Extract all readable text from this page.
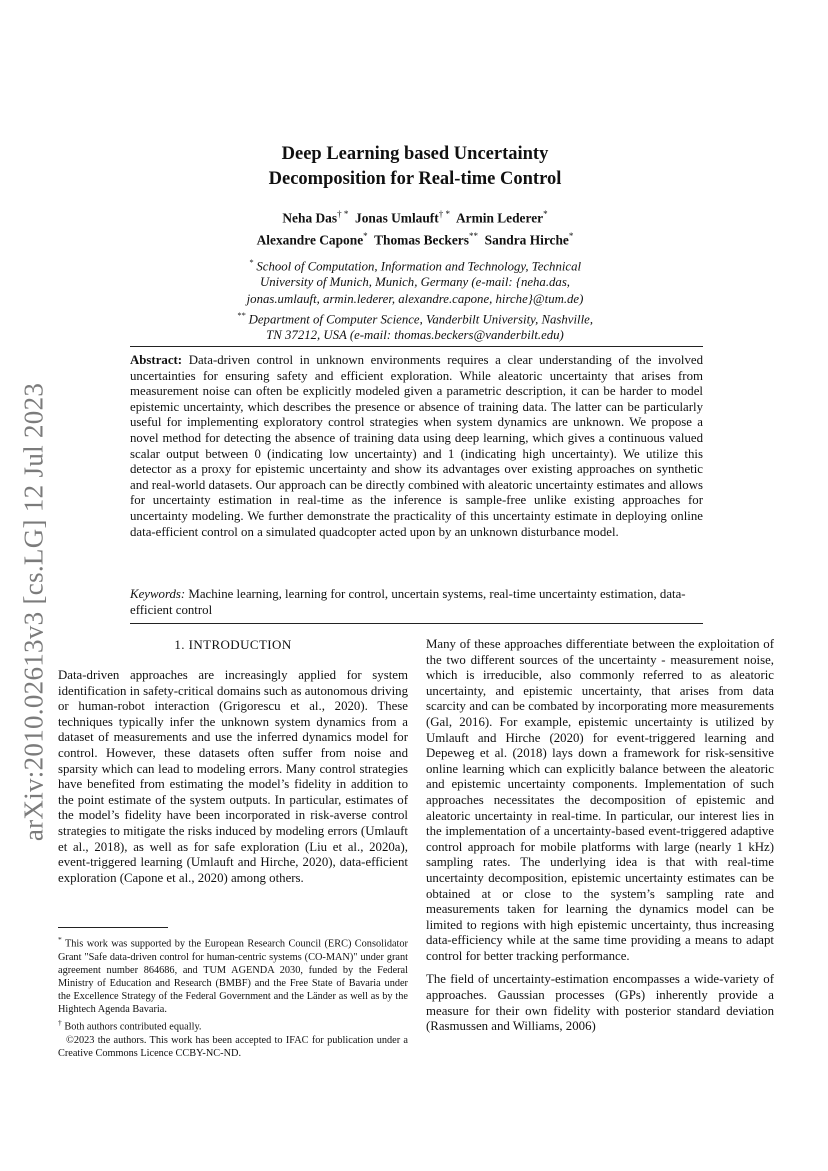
arXiv:2010.02613v3 [cs.LG] 12 Jul 2023
Deep Learning based Uncertainty
Decomposition for Real-time Control
Neha Das† * Jonas Umlauft† * Armin Lederer*
Alexandre Capone* Thomas Beckers** Sandra Hirche*
* School of Computation, Information and Technology, Technical
University of Munich, Munich, Germany (e-mail: {neha.das,
jonas.umlauft, armin.lederer, alexandre.capone, hirche}@tum.de)
** Department of Computer Science, Vanderbilt University, Nashville,
TN 37212, USA (e-mail: thomas.beckers@vanderbilt.edu)
Abstract: Data-driven control in unknown environments requires a clear understanding of the involved uncertainties for ensuring safety and efficient exploration. While aleatoric uncertainty that arises from measurement noise can often be explicitly modeled given a parametric description, it can be harder to model epistemic uncertainty, which describes the presence or absence of training data. The latter can be particularly useful for implementing exploratory control strategies when system dynamics are unknown. We propose a novel method for detecting the absence of training data using deep learning, which gives a continuous valued scalar output between 0 (indicating low uncertainty) and 1 (indicating high uncertainty). We utilize this detector as a proxy for epistemic uncertainty and show its advantages over existing approaches on synthetic and real-world datasets. Our approach can be directly combined with aleatoric uncertainty estimates and allows for uncertainty estimation in real-time as the inference is sample-free unlike existing approaches for uncertainty modeling. We further demonstrate the practicality of this uncertainty estimate in deploying online data-efficient control on a simulated quadcopter acted upon by an unknown disturbance model.
Keywords: Machine learning, learning for control, uncertain systems, real-time uncertainty estimation, data-efficient control
1. INTRODUCTION

Data-driven approaches are increasingly applied for system identification in safety-critical domains such as autonomous driving or human-robot interaction (Grigorescu et al., 2020). These techniques typically infer the unknown system dynamics from a dataset of measurements and use the inferred dynamics model for control. However, these datasets often suffer from noise and sparsity which can lead to modeling errors. Many control strategies have benefited from estimating the model’s fidelity in addition to the point estimate of the system outputs. In particular, estimates of the model’s fidelity have been incorporated in risk-averse control strategies to mitigate the risks induced by modeling errors (Umlauft et al., 2018), as well as for safe exploration (Liu et al., 2020a), event-triggered learning (Umlauft and Hirche, 2020), data-efficient exploration (Capone et al., 2020) among others.

* This work was supported by the European Research Council (ERC) Consolidator Grant "Safe data-driven control for human-centric systems (CO-MAN)" under grant agreement number 864686, and TUM AGENDA 2030, funded by the Federal Ministry of Education and Research (BMBF) and the Free State of Bavaria under the Excellence Strategy of the Federal Government and the Länder as well as by the Hightech Agenda Bavaria.

† Both authors contributed equally.

©2023 the authors. This work has been accepted to IFAC for publication under a Creative Commons Licence CCBY-NC-ND.

Many of these approaches differentiate between the exploitation of the two different sources of the uncertainty - measurement noise, which is irreducible, also commonly referred to as aleatoric uncertainty, and epistemic uncertainty, that arises from data scarcity and can be combated by incorporating more measurements (Gal, 2016). For example, epistemic uncertainty is utilized by Umlauft and Hirche (2020) for event-triggered learning and Depeweg et al. (2018) lays down a framework for risk-sensitive online learning which can explicitly balance between the aleatoric and epistemic uncertainty components. Implementation of such approaches necessitates the decomposition of epistemic and aleatoric uncertainty in real-time. In particular, our interest lies in the implementation of a uncertainty-based event-triggered adaptive control approach for mobile platforms with large (nearly 1 kHz) sampling rates. The underlying idea is that with real-time uncertainty decomposition, epistemic uncertainty estimates can be obtained at or close to the system’s sampling rate and measurements taken for learning the dynamics model can be limited to regions with high epistemic uncertainty, thus increasing data-efficiency while at the same time providing a means to adapt control for better tracking performance.

The field of uncertainty-estimation encompasses a wide-variety of approaches. Gaussian processes (GPs) inherently provide a measure for their own fidelity with posterior standard deviation (Rasmussen and Williams, 2006)
